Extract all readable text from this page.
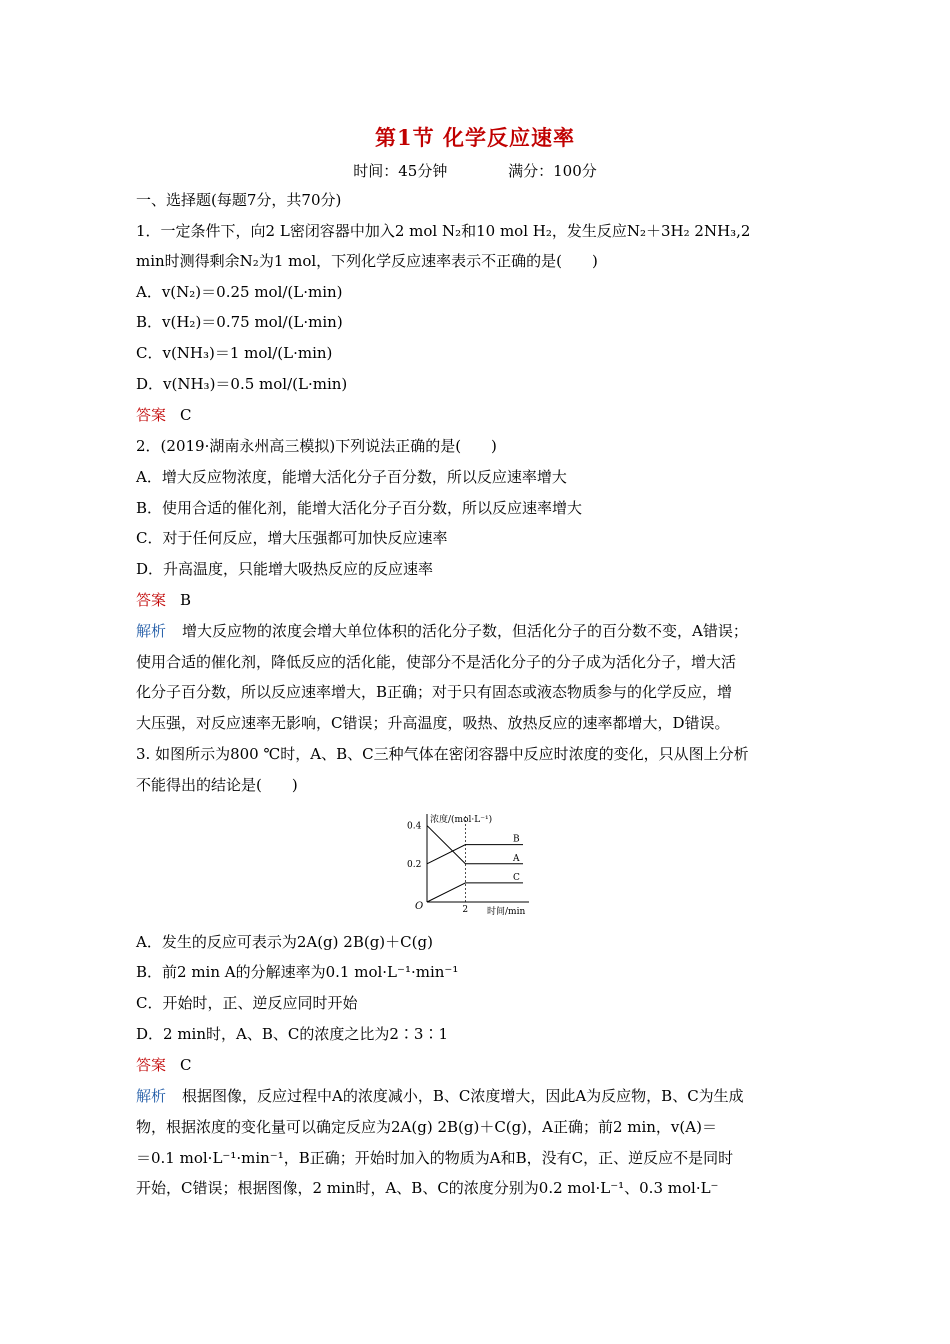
第1节 化学反应速率
时间：45分钟	满分：100分
一、选择题(每题7分，共70分)
1．一定条件下，向2 L密闭容器中加入2 mol N₂和10 mol H₂，发生反应N₂＋3H₂ 2NH₃,2
min时测得剩余N₂为1 mol，下列化学反应速率表示不正确的是(　　)
A．v(N₂)＝0.25 mol/(L·min)
B．v(H₂)＝0.75 mol/(L·min)
C．v(NH₃)＝1 mol/(L·min)
D．v(NH₃)＝0.5 mol/(L·min)
答案 C
2．(2019·湖南永州高三模拟)下列说法正确的是(　　)
A．增大反应物浓度，能增大活化分子百分数，所以反应速率增大
B．使用合适的催化剂，能增大活化分子百分数，所以反应速率增大
C．对于任何反应，增大压强都可加快反应速率
D．升高温度，只能增大吸热反应的反应速率
答案 B
解析 增大反应物的浓度会增大单位体积的活化分子数，但活化分子的百分数不变，A错误；
使用合适的催化剂，降低反应的活化能，使部分不是活化分子的分子成为活化分子，增大活
化分子百分数，所以反应速率增大，B正确；对于只有固态或液态物质参与的化学反应，增
大压强，对反应速率无影响，C错误；升高温度，吸热、放热反应的速率都增大，D错误。
3. 如图所示为800 ℃时，A、B、C三种气体在密闭容器中反应时浓度的变化，只从图上分析
不能得出的结论是(　　)
浓度/(mol·L⁻¹)
时间/min
O
0.2
0.4
2
B
A
C
A．发生的反应可表示为2A(g) 2B(g)＋C(g)
B．前2 min A的分解速率为0.1 mol·L⁻¹·min⁻¹
C．开始时，正、逆反应同时开始
D．2 min时，A、B、C的浓度之比为2∶3∶1
答案 C
解析 根据图像，反应过程中A的浓度减小，B、C浓度增大，因此A为反应物，B、C为生成
物，根据浓度的变化量可以确定反应为2A(g) 2B(g)＋C(g)，A正确；前2 min，v(A)＝
＝0.1 mol·L⁻¹·min⁻¹，B正确；开始时加入的物质为A和B，没有C，正、逆反应不是同时
开始，C错误；根据图像，2 min时，A、B、C的浓度分别为0.2 mol·L⁻¹、0.3 mol·L⁻
